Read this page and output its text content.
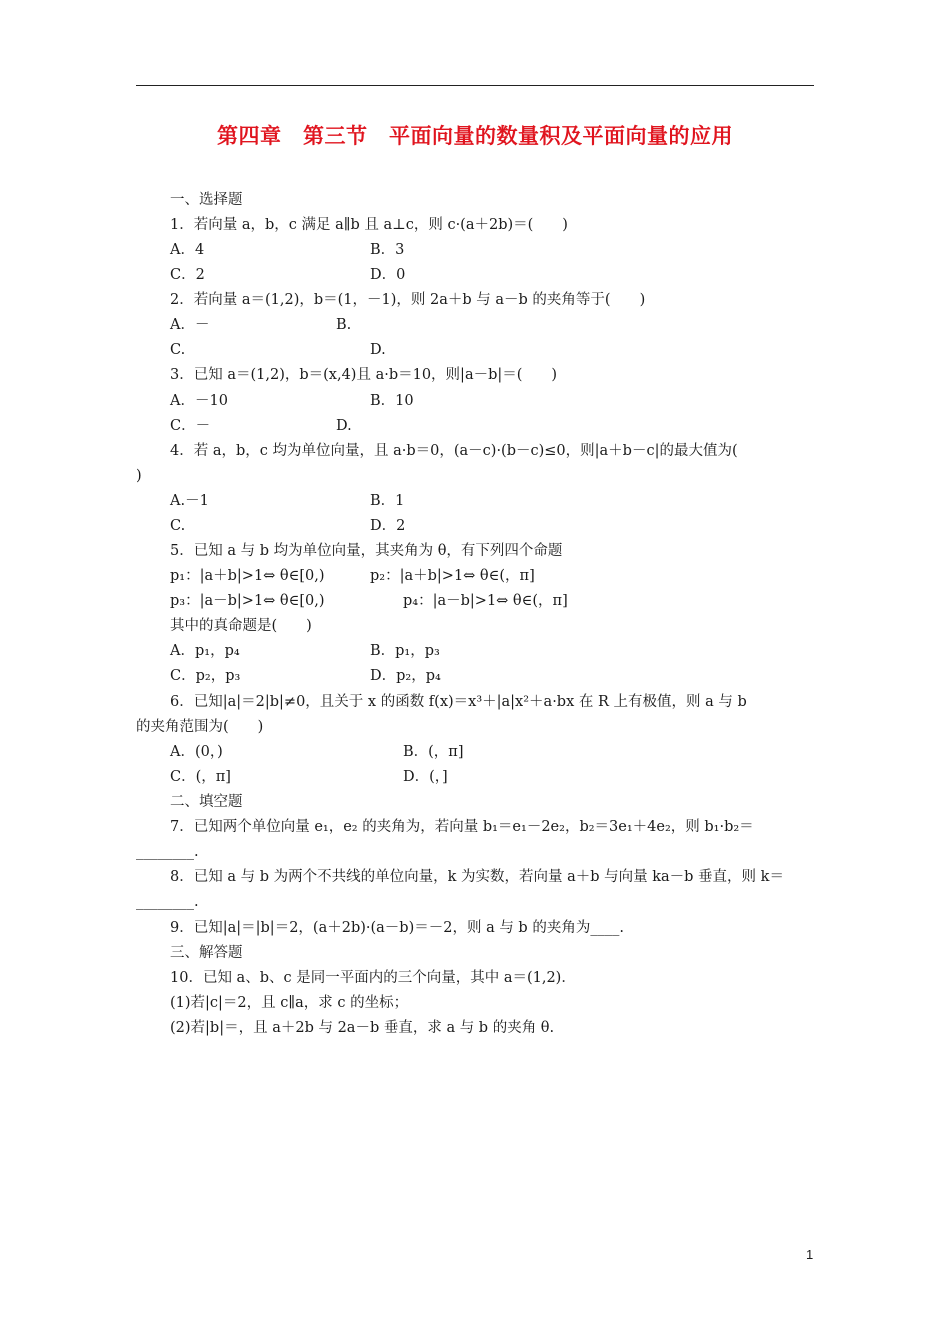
第四章　第三节　平面向量的数量积及平面向量的应用
一、选择题
1．若向量 a，b，c 满足 a∥b 且 a⊥c，则 c·(a＋2b)＝(　　)
A．4	B．3
C．2	D．0
2．若向量 a＝(1,2)，b＝(1，－1)，则 2a＋b 与 a－b 的夹角等于(　　)
A．－	B.
C.	D.
3．已知 a＝(1,2)，b＝(x,4)且 a·b＝10，则|a－b|＝(　　)
A．－10	B．10
C．－	D.
4．若 a，b，c 均为单位向量，且 a·b＝0，(a－c)·(b－c)≤0，则|a＋b－c|的最大值为(
)
A.－1	B．1
C.	D．2
5．已知 a 与 b 均为单位向量，其夹角为 θ，有下列四个命题
p₁：|a＋b|>1⇔ θ∈[0,)	p₂：|a＋b|>1⇔ θ∈(，π]
p₃：|a－b|>1⇔ θ∈[0,)	p₄：|a－b|>1⇔ θ∈(，π]
其中的真命题是(　　)
A．p₁，p₄	B．p₁，p₃
C．p₂，p₃	D．p₂，p₄
6．已知|a|＝2|b|≠0，且关于 x 的函数 f(x)＝x³＋|a|x²＋a·bx 在 R 上有极值，则 a 与 b
的夹角范围为(　　)
A．(0，)	B．(，π]
C．(，π]	D．(，]
二、填空题
7．已知两个单位向量 e₁，e₂ 的夹角为，若向量 b₁＝e₁－2e₂，b₂＝3e₁＋4e₂，则 b₁·b₂＝
________.
8．已知 a 与 b 为两个不共线的单位向量，k 为实数，若向量 a＋b 与向量 ka－b 垂直，则 k＝
________.
9．已知|a|＝|b|＝2，(a＋2b)·(a－b)＝－2，则 a 与 b 的夹角为____.
三、解答题
10．已知 a、b、c 是同一平面内的三个向量，其中 a＝(1,2)．
(1)若|c|＝2，且 c∥a，求 c 的坐标；
(2)若|b|＝，且 a＋2b 与 2a－b 垂直，求 a 与 b 的夹角 θ.
1
